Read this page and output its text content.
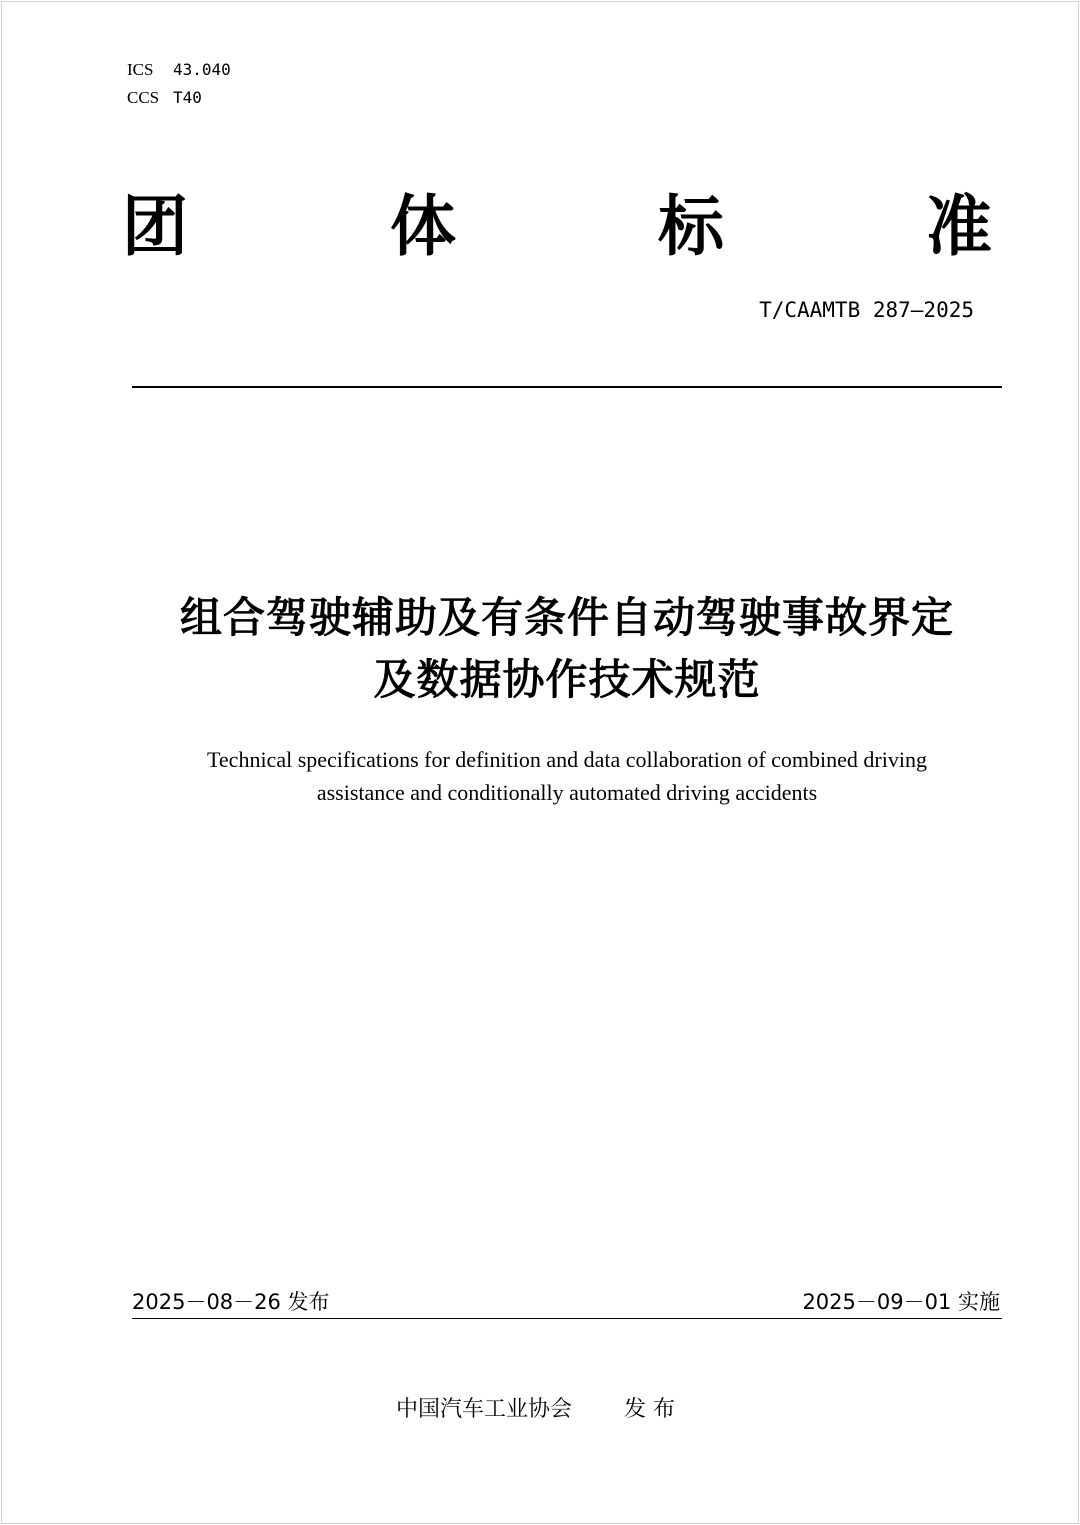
ICS	43.040
CCS T40
团	体	标	准
T/CAAMTB 287—2025
组合驾驶辅助及有条件自动驾驶事故界定
及数据协作技术规范
Technical specifications for definition and data collaboration of combined driving
assistance and conditionally automated driving accidents
2025－08－26 发布	2025－09－01 实施
中国汽车工业协会 发 布
